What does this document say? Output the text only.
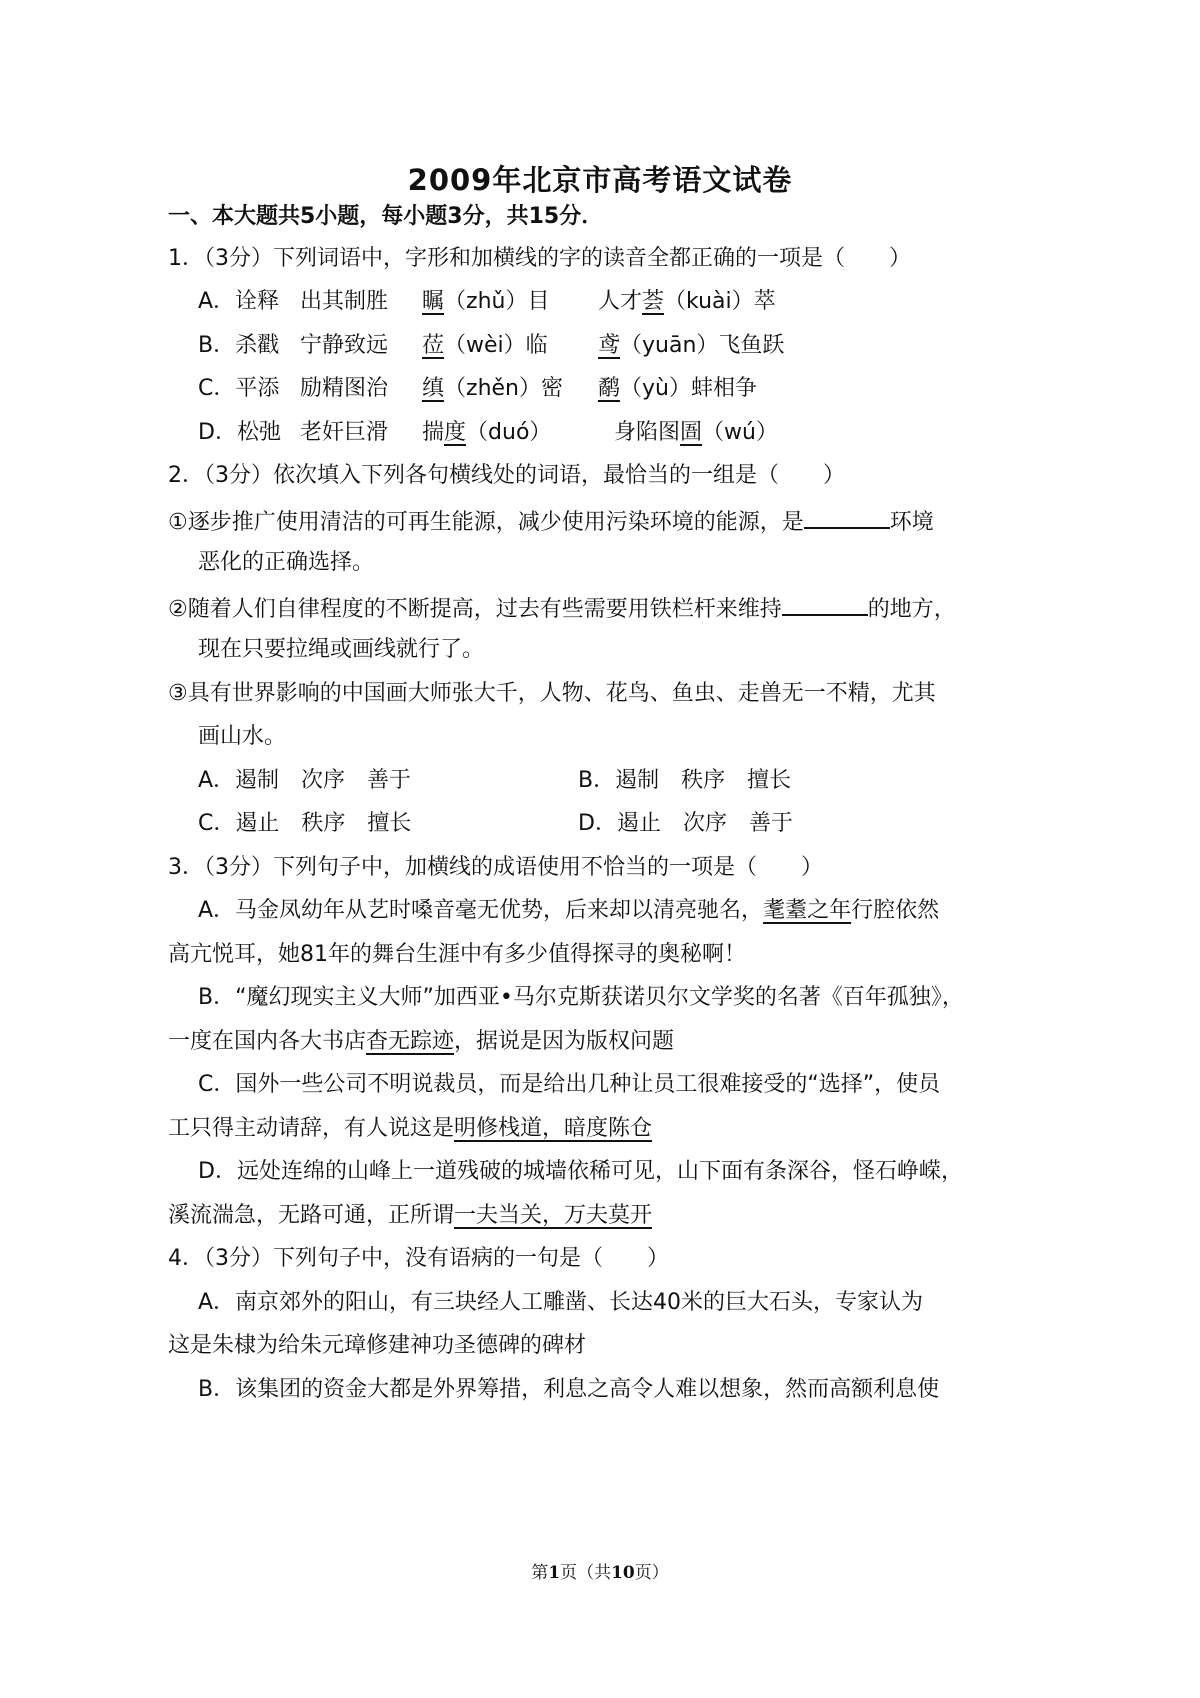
2009年北京市高考语文试卷
一、本大题共5小题，每小题3分，共15分．
1．（3分）下列词语中，字形和加横线的字的读音全都正确的一项是（　　）
A．诠释 出其制胜 瞩（zhǔ）目 人才荟（kuài）萃
B．杀戳 宁静致远 莅（wèi）临 鸢（yuān）飞鱼跃
C．平添 励精图治 缜（zhěn）密 鹬（yù）蚌相争
D．松弛 老奸巨滑 揣度（duó）	身陷图圄（wú）
2．（3分）依次填入下列各句横线处的词语，最恰当的一组是（　　）
①逐步推广使用清洁的可再生能源，减少使用污染环境的能源，是	环境
恶化的正确选择。
②随着人们自律程度的不断提高，过去有些需要用铁栏杆来维持	的地方，
现在只要拉绳或画线就行了。
③具有世界影响的中国画大师张大千，人物、花鸟、鱼虫、走兽无一不精，尤其
画山水。
A．遏制　次序　善于	B．遏制　秩序　擅长
C．遏止　秩序　擅长	D．遏止　次序　善于
3．（3分）下列句子中，加横线的成语使用不恰当的一项是（　　）
A．马金凤幼年从艺时嗓音毫无优势，后来却以清亮驰名，耄耋之年行腔依然
高亢悦耳，她81年的舞台生涯中有多少值得探寻的奥秘啊！
B．“魔幻现实主义大师”加西亚•马尔克斯获诺贝尔文学奖的名著《百年孤独》，
一度在国内各大书店杳无踪迹，据说是因为版权问题
C．国外一些公司不明说裁员，而是给出几种让员工很难接受的“选择”，使员
工只得主动请辞，有人说这是明修栈道，暗度陈仓
D．远处连绵的山峰上一道残破的城墙依稀可见，山下面有条深谷，怪石峥嵘，
溪流湍急，无路可通，正所谓一夫当关，万夫莫开
4．（3分）下列句子中，没有语病的一句是（　　）
A．南京郊外的阳山，有三块经人工雕凿、长达40米的巨大石头，专家认为
这是朱棣为给朱元璋修建神功圣德碑的碑材
B．该集团的资金大都是外界筹措，利息之高令人难以想象，然而高额利息使
第1页（共10页）
